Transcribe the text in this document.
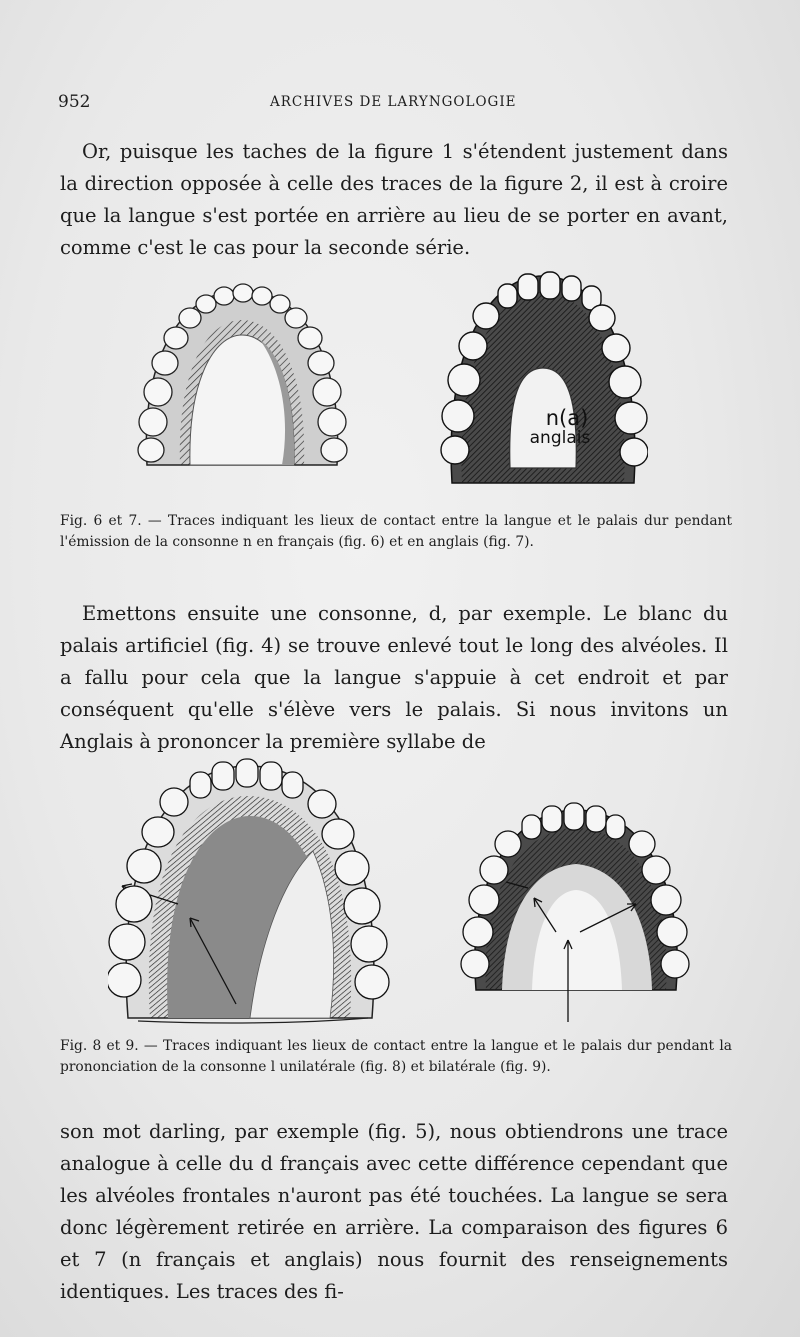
952	ARCHIVES DE LARYNGOLOGIE

Or, puisque les taches de la figure 1 s'étendent justement dans la direction opposée à celle des traces de la figure 2, il est à croire que la langue s'est portée en arrière au lieu de se porter en avant, comme c'est le cas pour la seconde série.

n(a)
anglais

Fig. 6 et 7. — Traces indiquant les lieux de contact entre la langue et le palais dur pendant l'émission de la consonne n en français (fig. 6) et en anglais (fig. 7).

Emettons ensuite une consonne, d, par exemple. Le blanc du palais artificiel (fig. 4) se trouve enlevé tout le long des alvéoles. Il a fallu pour cela que la langue s'appuie à cet endroit et par conséquent qu'elle s'élève vers le palais. Si nous invitons un Anglais à prononcer la première syllabe de

Fig. 8 et 9. — Traces indiquant les lieux de contact entre la langue et le palais dur pendant la prononciation de la consonne l unilatérale (fig. 8) et bilatérale (fig. 9).

son mot darling, par exemple (fig. 5), nous obtiendrons une trace analogue à celle du d français avec cette différence cependant que les alvéoles frontales n'auront pas été touchées. La langue se sera donc légèrement retirée en arrière. La comparaison des figures 6 et 7 (n français et anglais) nous fournit des renseignements identiques. Les traces des fi-
